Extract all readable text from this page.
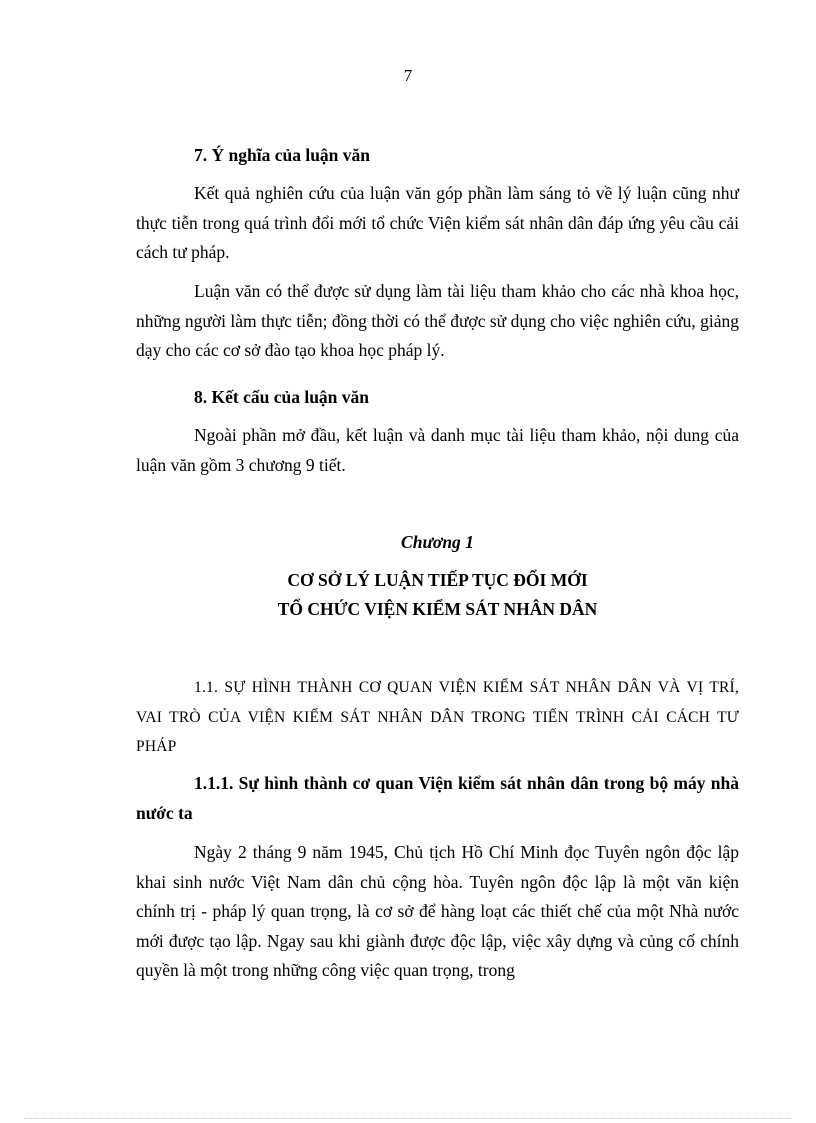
7

7. Ý nghĩa của luận văn

Kết quả nghiên cứu của luận văn góp phần làm sáng tỏ về lý luận cũng như thực tiễn trong quá trình đổi mới tổ chức Viện kiểm sát nhân dân đáp ứng yêu cầu cải cách tư pháp.

Luận văn có thể được sử dụng làm tài liệu tham khảo cho các nhà khoa học, những người làm thực tiễn; đồng thời có thể được sử dụng cho việc nghiên cứu, giảng dạy cho các cơ sở đào tạo khoa học pháp lý.

8. Kết cấu của luận văn

Ngoài phần mở đầu, kết luận và danh mục tài liệu tham khảo, nội dung của luận văn gồm 3 chương 9 tiết.

Chương 1

CƠ SỞ LÝ LUẬN TIẾP TỤC ĐỔI MỚI

TỔ CHỨC VIỆN KIỂM SÁT NHÂN DÂN

1.1. SỰ HÌNH THÀNH CƠ QUAN VIỆN KIỂM SÁT NHÂN DÂN VÀ VỊ TRÍ, VAI TRÒ CỦA VIỆN KIỂM SÁT NHÂN DÂN TRONG TIẾN TRÌNH CẢI CÁCH TƯ PHÁP

1.1.1. Sự hình thành cơ quan Viện kiểm sát nhân dân trong bộ máy nhà nước ta

Ngày 2 tháng 9 năm 1945, Chủ tịch Hồ Chí Minh đọc Tuyên ngôn độc lập khai sinh nước Việt Nam dân chủ cộng hòa. Tuyên ngôn độc lập là một văn kiện chính trị - pháp lý quan trọng, là cơ sở để hàng loạt các thiết chế của một Nhà nước mới được tạo lập. Ngay sau khi giành được độc lập, việc xây dựng và củng cố chính quyền là một trong những công việc quan trọng, trong
